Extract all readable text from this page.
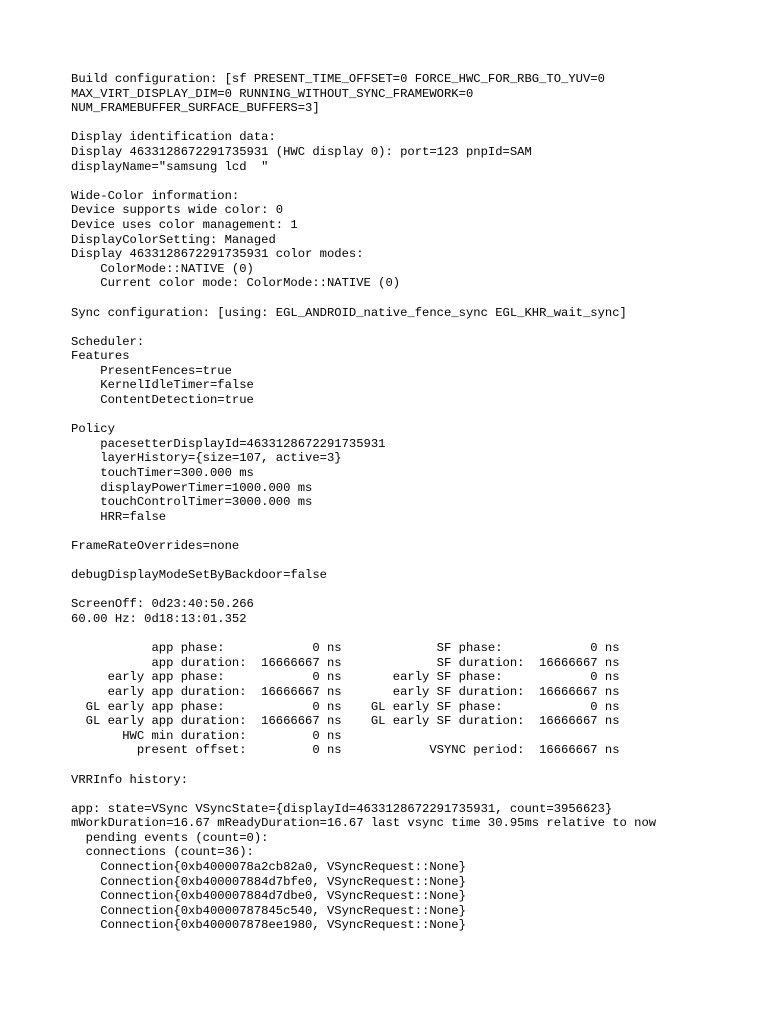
Build configuration: [sf PRESENT_TIME_OFFSET=0 FORCE_HWC_FOR_RBG_TO_YUV=0
MAX_VIRT_DISPLAY_DIM=0 RUNNING_WITHOUT_SYNC_FRAMEWORK=0
NUM_FRAMEBUFFER_SURFACE_BUFFERS=3]
Display identification data:
Display 4633128672291735931 (HWC display 0): port=123 pnpId=SAM
displayName="samsung lcd  "
Wide-Color information:
Device supports wide color: 0
Device uses color management: 1
DisplayColorSetting: Managed
Display 4633128672291735931 color modes:
ColorMode::NATIVE (0)
Current color mode: ColorMode::NATIVE (0)
Sync configuration: [using: EGL_ANDROID_native_fence_sync EGL_KHR_wait_sync]
Scheduler:
Features
PresentFences=true
KernelIdleTimer=false
ContentDetection=true
Policy
pacesetterDisplayId=4633128672291735931
layerHistory={size=107, active=3}
touchTimer=300.000 ms
displayPowerTimer=1000.000 ms
touchControlTimer=3000.000 ms
HRR=false
FrameRateOverrides=none
debugDisplayModeSetByBackdoor=false
ScreenOff: 0d23:40:50.266
60.00 Hz: 0d18:13:01.352
app phase:            0 ns             SF phase:            0 ns
app duration:  16666667 ns             SF duration:  16666667 ns
early app phase:            0 ns       early SF phase:            0 ns
early app duration:  16666667 ns       early SF duration:  16666667 ns
GL early app phase:            0 ns    GL early SF phase:            0 ns
GL early app duration:  16666667 ns    GL early SF duration:  16666667 ns
HWC min duration:         0 ns
present offset:         0 ns            VSYNC period:  16666667 ns
VRRInfo history:
app: state=VSync VSyncState={displayId=4633128672291735931, count=3956623}
mWorkDuration=16.67 mReadyDuration=16.67 last vsync time 30.95ms relative to now
pending events (count=0):
connections (count=36):
Connection{0xb4000078a2cb82a0, VSyncRequest::None}
Connection{0xb400007884d7bfe0, VSyncRequest::None}
Connection{0xb400007884d7dbe0, VSyncRequest::None}
Connection{0xb40000787845c540, VSyncRequest::None}
Connection{0xb400007878ee1980, VSyncRequest::None}
